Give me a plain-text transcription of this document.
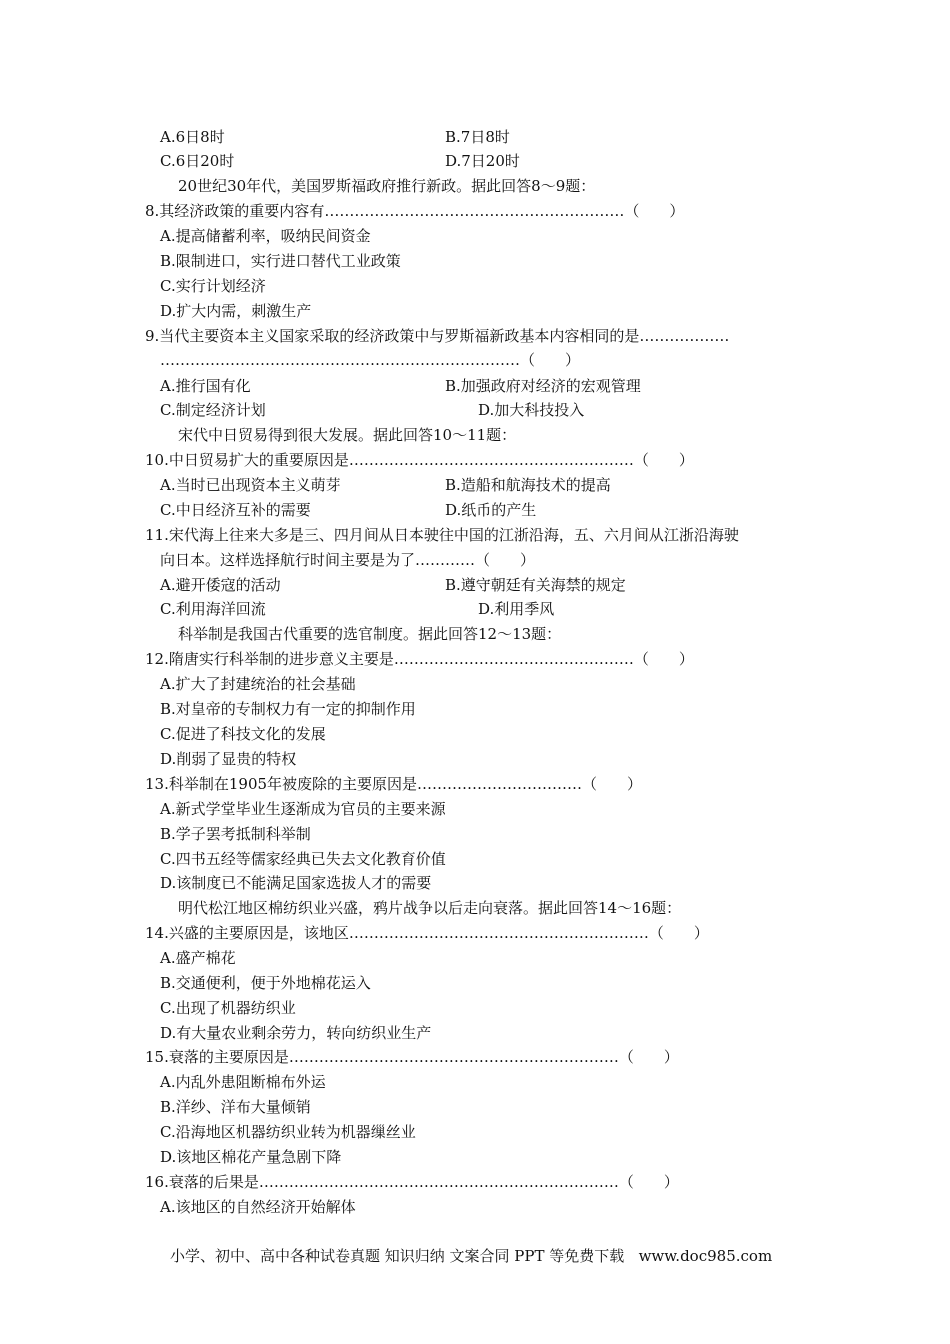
A.6日8时	B.7日8时
C.6日20时	D.7日20时
20世纪30年代，美国罗斯福政府推行新政。据此回答8～9题：
8.其经济政策的重要内容有……………………………………………………（　　）
A.提高储蓄利率，吸纳民间资金
B.限制进口，实行进口替代工业政策
C.实行计划经济
D.扩大内需，刺激生产
9.当代主要资本主义国家采取的经济政策中与罗斯福新政基本内容相同的是………………
………………………………………………………………（　　）
A.推行国有化	B.加强政府对经济的宏观管理
C.制定经济计划	D.加大科技投入
宋代中日贸易得到很大发展。据此回答10～11题：
10.中日贸易扩大的重要原因是…………………………………………………（　　）
A.当时已出现资本主义萌芽	B.造船和航海技术的提高
C.中日经济互补的需要	D.纸币的产生
11.宋代海上往来大多是三、四月间从日本驶往中国的江浙沿海，五、六月间从江浙沿海驶
向日本。这样选择航行时间主要是为了…………（　　）
A.避开倭寇的活动	B.遵守朝廷有关海禁的规定
C.利用海洋回流	D.利用季风
科举制是我国古代重要的选官制度。据此回答12～13题：
12.隋唐实行科举制的进步意义主要是…………………………………………（　　）
A.扩大了封建统治的社会基础
B.对皇帝的专制权力有一定的抑制作用
C.促进了科技文化的发展
D.削弱了显贵的特权
13.科举制在1905年被废除的主要原因是……………………………（　　）
A.新式学堂毕业生逐渐成为官员的主要来源
B.学子罢考抵制科举制
C.四书五经等儒家经典已失去文化教育价值
D.该制度已不能满足国家选拔人才的需要
明代松江地区棉纺织业兴盛，鸦片战争以后走向衰落。据此回答14～16题：
14.兴盛的主要原因是，该地区……………………………………………………（　　）
A.盛产棉花
B.交通便利，便于外地棉花运入
C.出现了机器纺织业
D.有大量农业剩余劳力，转向纺织业生产
15.衰落的主要原因是…………………………………………………………（　　）
A.内乱外患阻断棉布外运
B.洋纱、洋布大量倾销
C.沿海地区机器纺织业转为机器缫丝业
D.该地区棉花产量急剧下降
16.衰落的后果是………………………………………………………………（　　）
A.该地区的自然经济开始解体
小学、初中、高中各种试卷真题 知识归纳 文案合同 PPT 等免费下载   www.doc985.com
